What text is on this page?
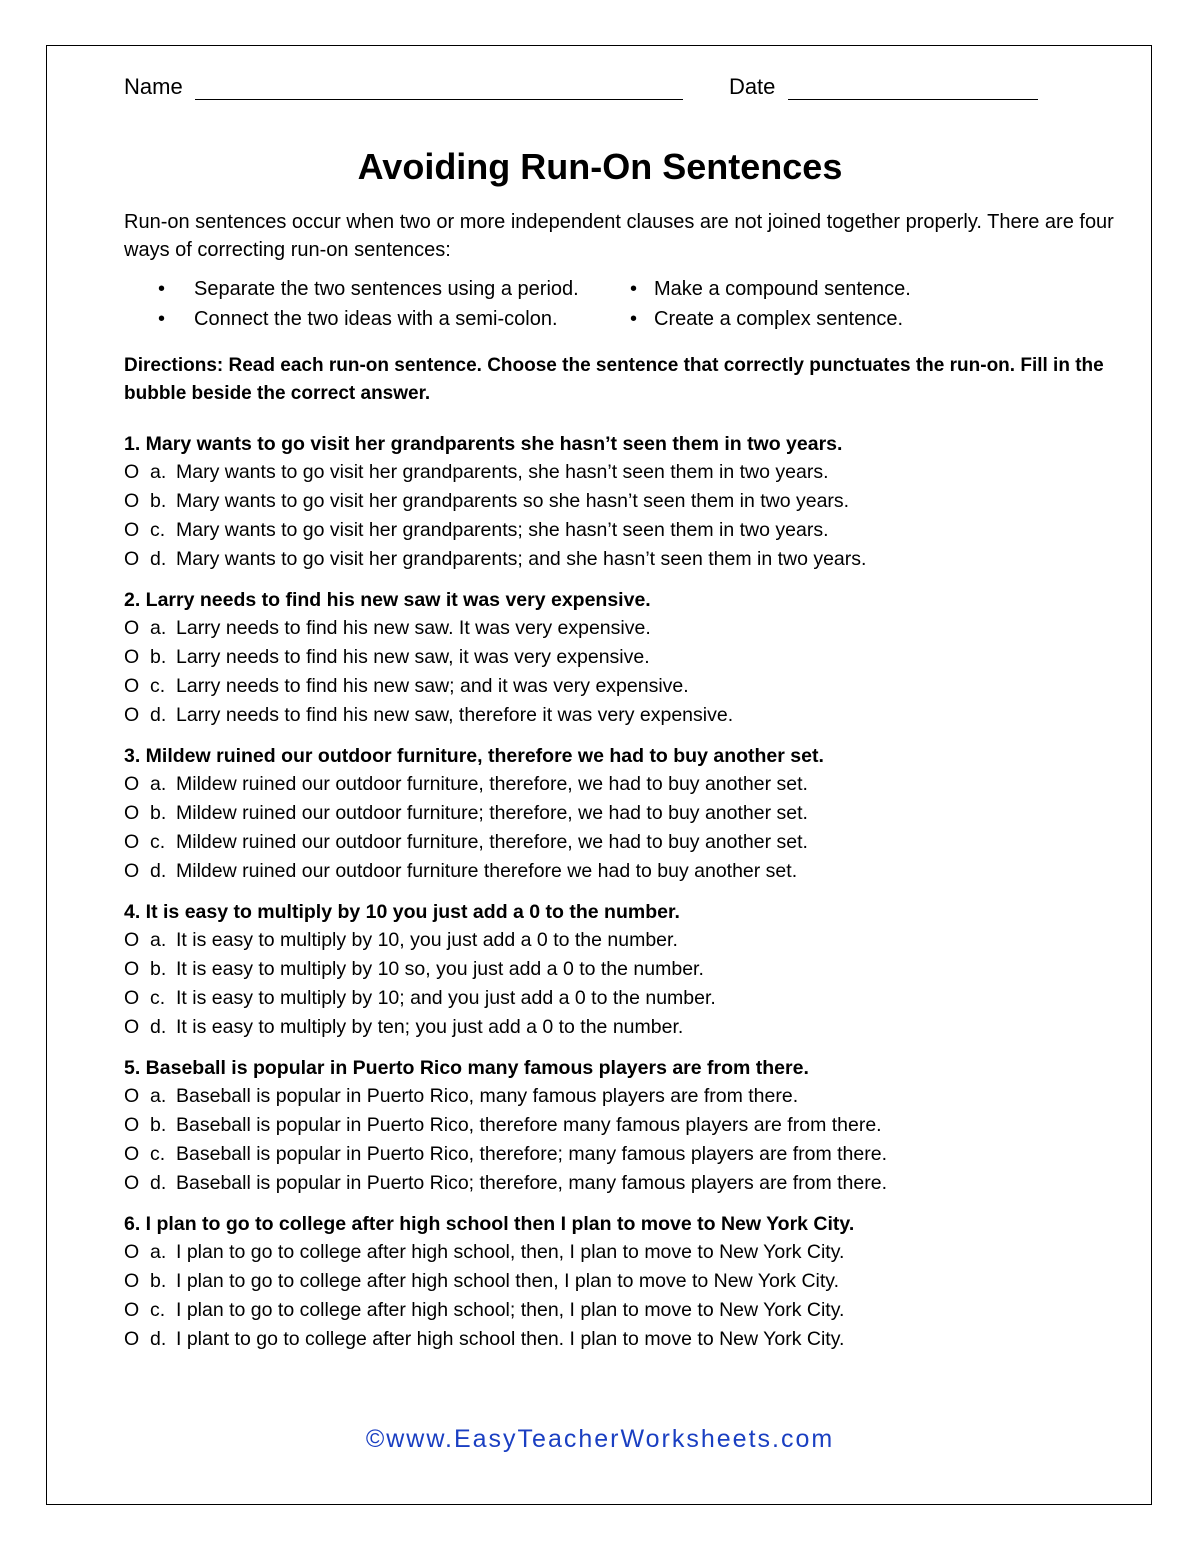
Name	Date
Avoiding Run-On Sentences
Run-on sentences occur when two or more independent clauses are not joined together properly. There are four ways of correcting run-on sentences:
• Separate the two sentences using a period.
• Connect the two ideas with a semi-colon.
• Make a compound sentence.
• Create a complex sentence.
Directions: Read each run-on sentence. Choose the sentence that correctly punctuates the run-on. Fill in the bubble beside the correct answer.
1. Mary wants to go visit her grandparents she hasn’t seen them in two years.
O a. Mary wants to go visit her grandparents, she hasn’t seen them in two years.
O b. Mary wants to go visit her grandparents so she hasn’t seen them in two years.
O c. Mary wants to go visit her grandparents; she hasn’t seen them in two years.
O d. Mary wants to go visit her grandparents; and she hasn’t seen them in two years.
2. Larry needs to find his new saw it was very expensive.
O a. Larry needs to find his new saw. It was very expensive.
O b. Larry needs to find his new saw, it was very expensive.
O c. Larry needs to find his new saw; and it was very expensive.
O d. Larry needs to find his new saw, therefore it was very expensive.
3. Mildew ruined our outdoor furniture, therefore we had to buy another set.
O a. Mildew ruined our outdoor furniture, therefore, we had to buy another set.
O b. Mildew ruined our outdoor furniture; therefore, we had to buy another set.
O c. Mildew ruined our outdoor furniture, therefore, we had to buy another set.
O d. Mildew ruined our outdoor furniture therefore we had to buy another set.
4. It is easy to multiply by 10 you just add a 0 to the number.
O a. It is easy to multiply by 10, you just add a 0 to the number.
O b. It is easy to multiply by 10 so, you just add a 0 to the number.
O c. It is easy to multiply by 10; and you just add a 0 to the number.
O d. It is easy to multiply by ten; you just add a 0 to the number.
5. Baseball is popular in Puerto Rico many famous players are from there.
O a. Baseball is popular in Puerto Rico, many famous players are from there.
O b. Baseball is popular in Puerto Rico, therefore many famous players are from there.
O c. Baseball is popular in Puerto Rico, therefore; many famous players are from there.
O d. Baseball is popular in Puerto Rico; therefore, many famous players are from there.
6. I plan to go to college after high school then I plan to move to New York City.
O a. I plan to go to college after high school, then, I plan to move to New York City.
O b. I plan to go to college after high school then, I plan to move to New York City.
O c. I plan to go to college after high school; then, I plan to move to New York City.
O d. I plant to go to college after high school then. I plan to move to New York City.
©www.EasyTeacherWorksheets.com
